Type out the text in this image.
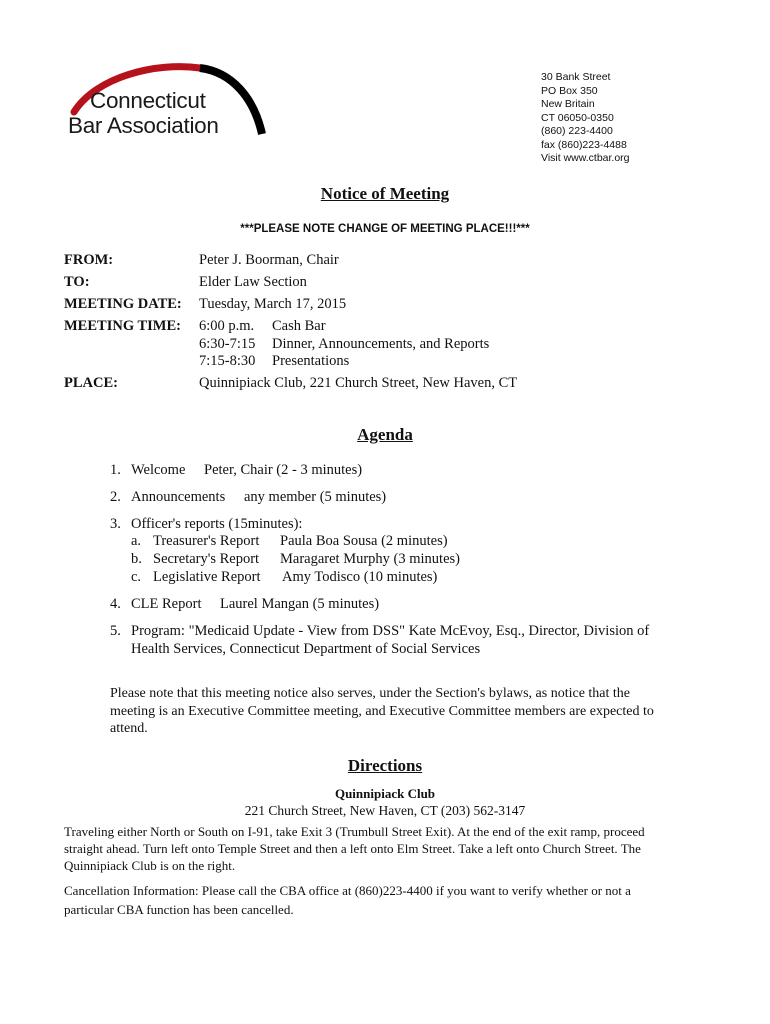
Connecticut
Bar Association
30 Bank Street
PO Box 350
New Britain
CT 06050-0350
(860) 223-4400
fax (860)223-4488
Visit www.ctbar.org
Notice of Meeting
***PLEASE NOTE CHANGE OF MEETING PLACE!!!***
FROM:	Peter J. Boorman, Chair
TO:	Elder Law Section
MEETING DATE: Tuesday, March 17, 2015
MEETING TIME: 6:00 p.m. Cash Bar
6:30-7:15 Dinner, Announcements, and Reports
7:15-8:30 Presentations
PLACE:	Quinnipiack Club, 221 Church Street, New Haven, CT
Agenda
1. Welcome Peter, Chair (2 - 3 minutes)
2. Announcements any member (5 minutes)
3. Officer's reports (15minutes):
a. Treasurer's Report Paula Boa Sousa (2 minutes)
b. Secretary's Report Maragaret Murphy (3 minutes)
c. Legislative Report Amy Todisco (10 minutes)
4. CLE Report Laurel Mangan (5 minutes)
5. Program: "Medicaid Update - View from DSS" Kate McEvoy, Esq., Director, Division of
Health Services, Connecticut Department of Social Services
Please note that this meeting notice also serves, under the Section's bylaws, as notice that the
meeting is an Executive Committee meeting, and Executive Committee members are expected to
attend.
Directions
Quinnipiack Club
221 Church Street, New Haven, CT (203) 562-3147
Traveling either North or South on I-91, take Exit 3 (Trumbull Street Exit). At the end of the exit ramp, proceed
straight ahead. Turn left onto Temple Street and then a left onto Elm Street. Take a left onto Church Street. The
Quinnipiack Club is on the right.
Cancellation Information: Please call the CBA office at (860)223-4400 if you want to verify whether or not a
particular CBA function has been cancelled.
